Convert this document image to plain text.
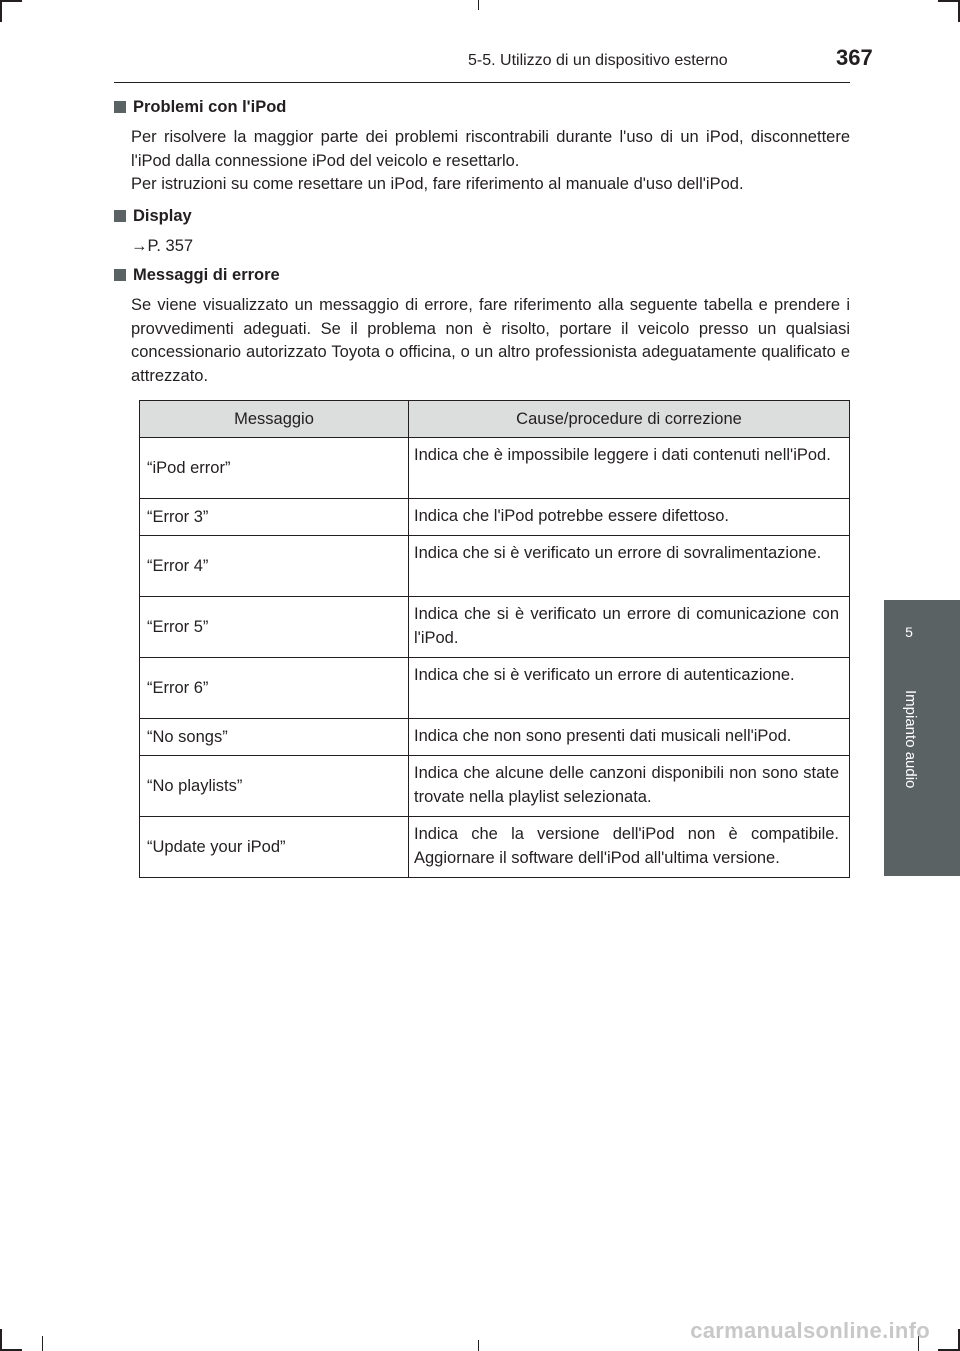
5-5. Utilizzo di un dispositivo esterno	367
5
Impianto audio
Problemi con l'iPod
Per risolvere la maggior parte dei problemi riscontrabili durante l'uso di un iPod, disconnettere l'iPod dalla connessione iPod del veicolo e resettarlo.
Per istruzioni su come resettare un iPod, fare riferimento al manuale d'uso dell'iPod.
Display
→P. 357
Messaggi di errore
Se viene visualizzato un messaggio di errore, fare riferimento alla seguente tabella e prendere i provvedimenti adeguati. Se il problema non è risolto, portare il veicolo presso un qualsiasi concessionario autorizzato Toyota o officina, o un altro professionista adeguatamente qualificato e attrezzato.
Messaggio	Cause/procedure di correzione
“iPod error”	Indica che è impossibile leggere i dati contenuti nell'iPod.
“Error 3”	Indica che l'iPod potrebbe essere difettoso.
“Error 4”	Indica che si è verificato un errore di sovralimentazione.
“Error 5”	Indica che si è verificato un errore di comunicazione con l'iPod.
“Error 6”	Indica che si è verificato un errore di autenticazione.
“No songs”	Indica che non sono presenti dati musicali nell'iPod.
“No playlists”	Indica che alcune delle canzoni disponibili non sono state trovate nella playlist selezionata.
“Update your iPod”	Indica che la versione dell'iPod non è compatibile. Aggiornare il software dell'iPod all'ultima versione.
carmanualsonline.info
